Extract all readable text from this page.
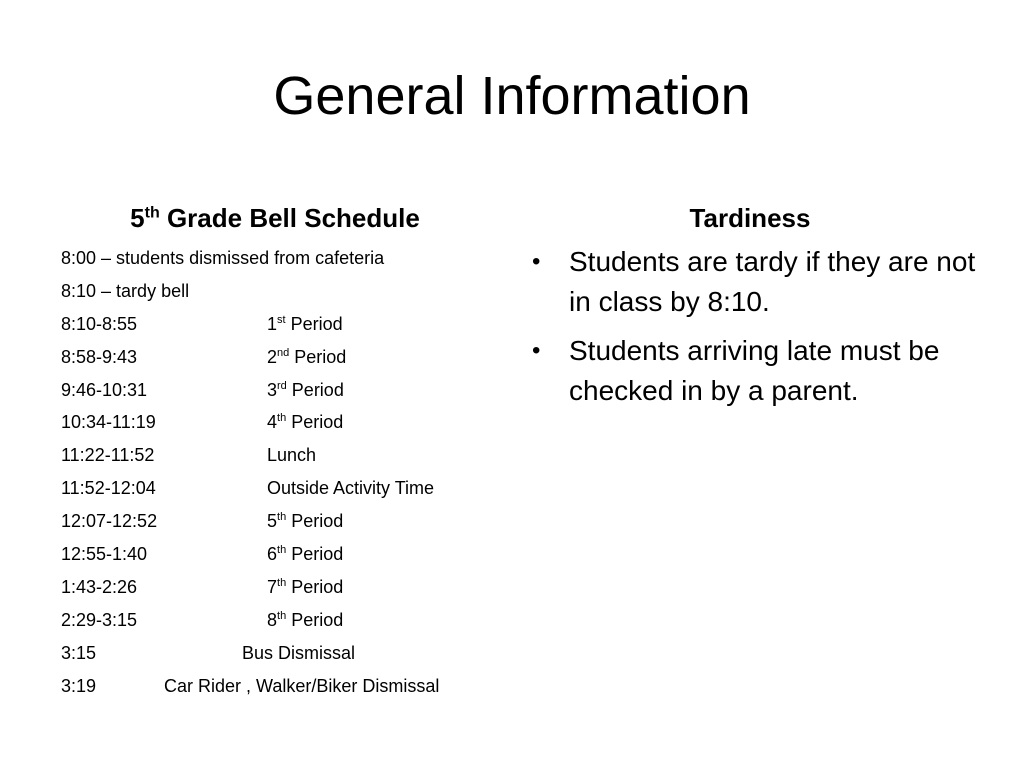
General Information
5th Grade Bell Schedule
8:00 – students dismissed from cafeteria
8:10 – tardy bell
8:10-8:55	1st Period
8:58-9:43	2nd Period
9:46-10:31	3rd Period
10:34-11:19	4th Period
11:22-11:52	Lunch
11:52-12:04	Outside Activity Time
12:07-12:52	5th Period
12:55-1:40	6th Period
1:43-2:26	7th Period
2:29-3:15	8th Period
3:15	Bus Dismissal
3:19	Car Rider , Walker/Biker Dismissal
Tardiness
• Students are tardy if they are not in class by 8:10.
• Students arriving late must be checked in by a parent.
